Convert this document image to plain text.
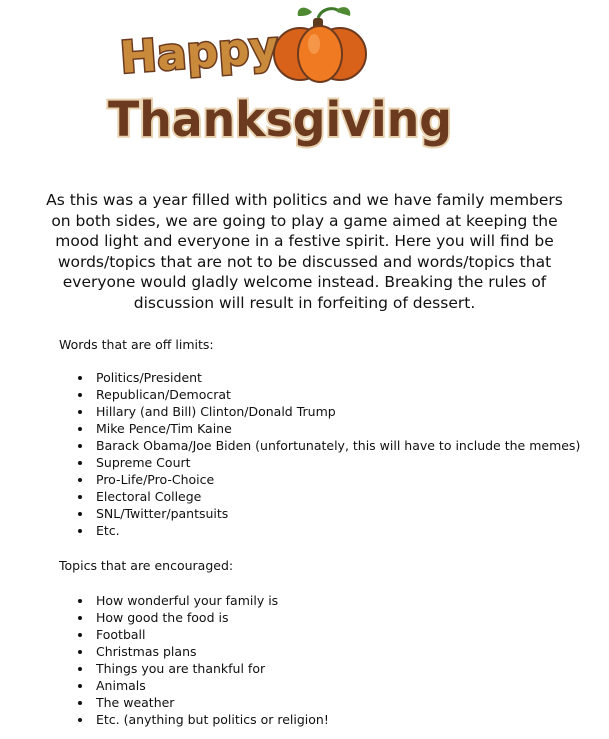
Happy
Thanksgiving
As this was a year filled with politics and we have family members on both sides, we are going to play a game aimed at keeping the mood light and everyone in a festive spirit. Here you will find be words/topics that are not to be discussed and words/topics that everyone would gladly welcome instead. Breaking the rules of discussion will result in forfeiting of dessert.
Words that are off limits:
Politics/President
Republican/Democrat
Hillary (and Bill) Clinton/Donald Trump
Mike Pence/Tim Kaine
Barack Obama/Joe Biden (unfortunately, this will have to include the memes)
Supreme Court
Pro-Life/Pro-Choice
Electoral College
SNL/Twitter/pantsuits
Etc.
Topics that are encouraged:
How wonderful your family is
How good the food is
Football
Christmas plans
Things you are thankful for
Animals
The weather
Etc. (anything but politics or religion!
